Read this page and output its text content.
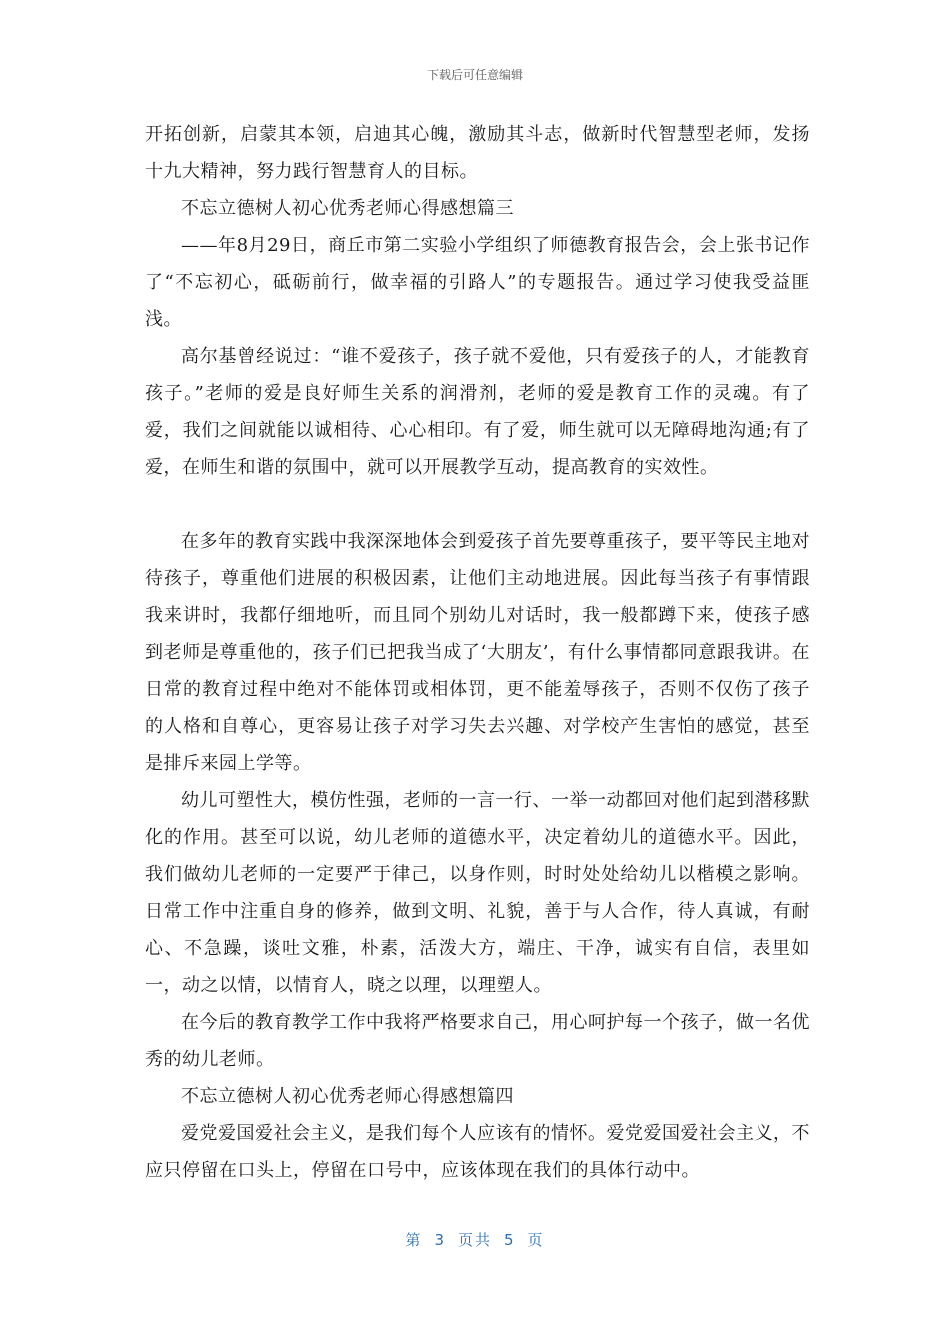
下载后可任意编辑

开拓创新，启蒙其本领，启迪其心魄，激励其斗志，做新时代智慧型老师，发扬十九大精神，努力践行智慧育人的目标。

不忘立德树人初心优秀老师心得感想篇三

——年8月29日，商丘市第二实验小学组织了师德教育报告会，会上张书记作了“不忘初心，砥砺前行，做幸福的引路人”的专题报告。通过学习使我受益匪浅。

高尔基曾经说过：“谁不爱孩子，孩子就不爱他，只有爱孩子的人，才能教育孩子。”老师的爱是良好师生关系的润滑剂，老师的爱是教育工作的灵魂。有了爱，我们之间就能以诚相待、心心相印。有了爱，师生就可以无障碍地沟通;有了爱，在师生和谐的氛围中，就可以开展教学互动，提高教育的实效性。

在多年的教育实践中我深深地体会到爱孩子首先要尊重孩子，要平等民主地对待孩子，尊重他们进展的积极因素，让他们主动地进展。因此每当孩子有事情跟我来讲时，我都仔细地听，而且同个别幼儿对话时，我一般都蹲下来，使孩子感到老师是尊重他的，孩子们已把我当成了‘大朋友’，有什么事情都同意跟我讲。在日常的教育过程中绝对不能体罚或相体罚，更不能羞辱孩子，否则不仅伤了孩子的人格和自尊心，更容易让孩子对学习失去兴趣、对学校产生害怕的感觉，甚至是排斥来园上学等。

幼儿可塑性大，模仿性强，老师的一言一行、一举一动都回对他们起到潜移默化的作用。甚至可以说，幼儿老师的道德水平，决定着幼儿的道德水平。因此，我们做幼儿老师的一定要严于律己，以身作则，时时处处给幼儿以楷模之影响。日常工作中注重自身的修养，做到文明、礼貌，善于与人合作，待人真诚，有耐心、不急躁，谈吐文雅，朴素，活泼大方，端庄、干净，诚实有自信，表里如一，动之以情，以情育人，晓之以理，以理塑人。

在今后的教育教学工作中我将严格要求自己，用心呵护每一个孩子，做一名优秀的幼儿老师。

不忘立德树人初心优秀老师心得感想篇四

爱党爱国爱社会主义，是我们每个人应该有的情怀。爱党爱国爱社会主义，不应只停留在口头上，停留在口号中，应该体现在我们的具体行动中。

第 3 页共 5 页
